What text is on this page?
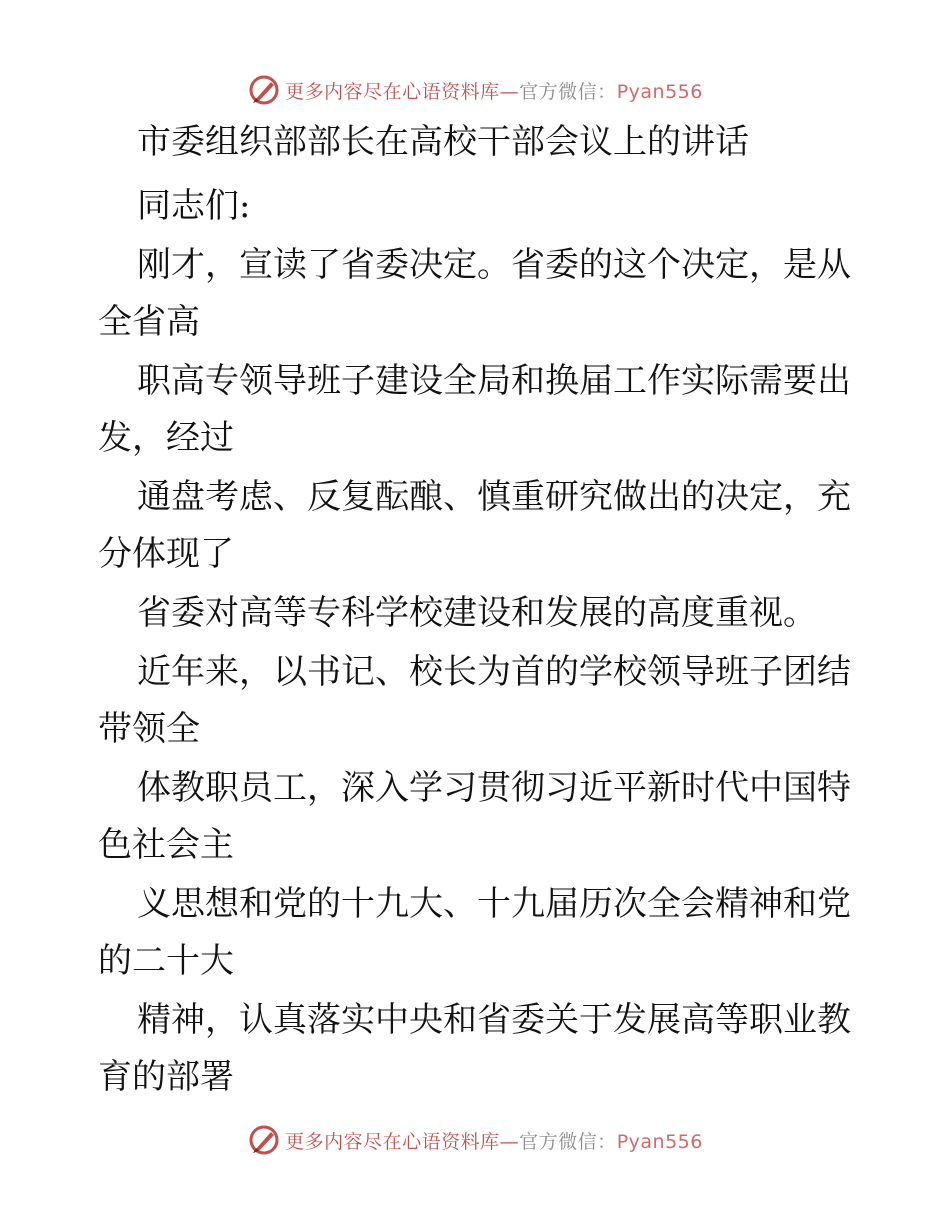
更多内容尽在心语资料库—官方微信：Pyan556
市委组织部部长在高校干部会议上的讲话
同志们:
刚才，宣读了省委决定。省委的这个决定，是从
全省高
职高专领导班子建设全局和换届工作实际需要出
发，经过
通盘考虑、反复酝酿、慎重研究做出的决定，充
分体现了
省委对高等专科学校建设和发展的高度重视。
近年来，以书记、校长为首的学校领导班子团结
带领全
体教职员工，深入学习贯彻习近平新时代中国特
色社会主
义思想和党的十九大、十九届历次全会精神和党
的二十大
精神，认真落实中央和省委关于发展高等职业教
育的部署
更多内容尽在心语资料库—官方微信：Pyan556
